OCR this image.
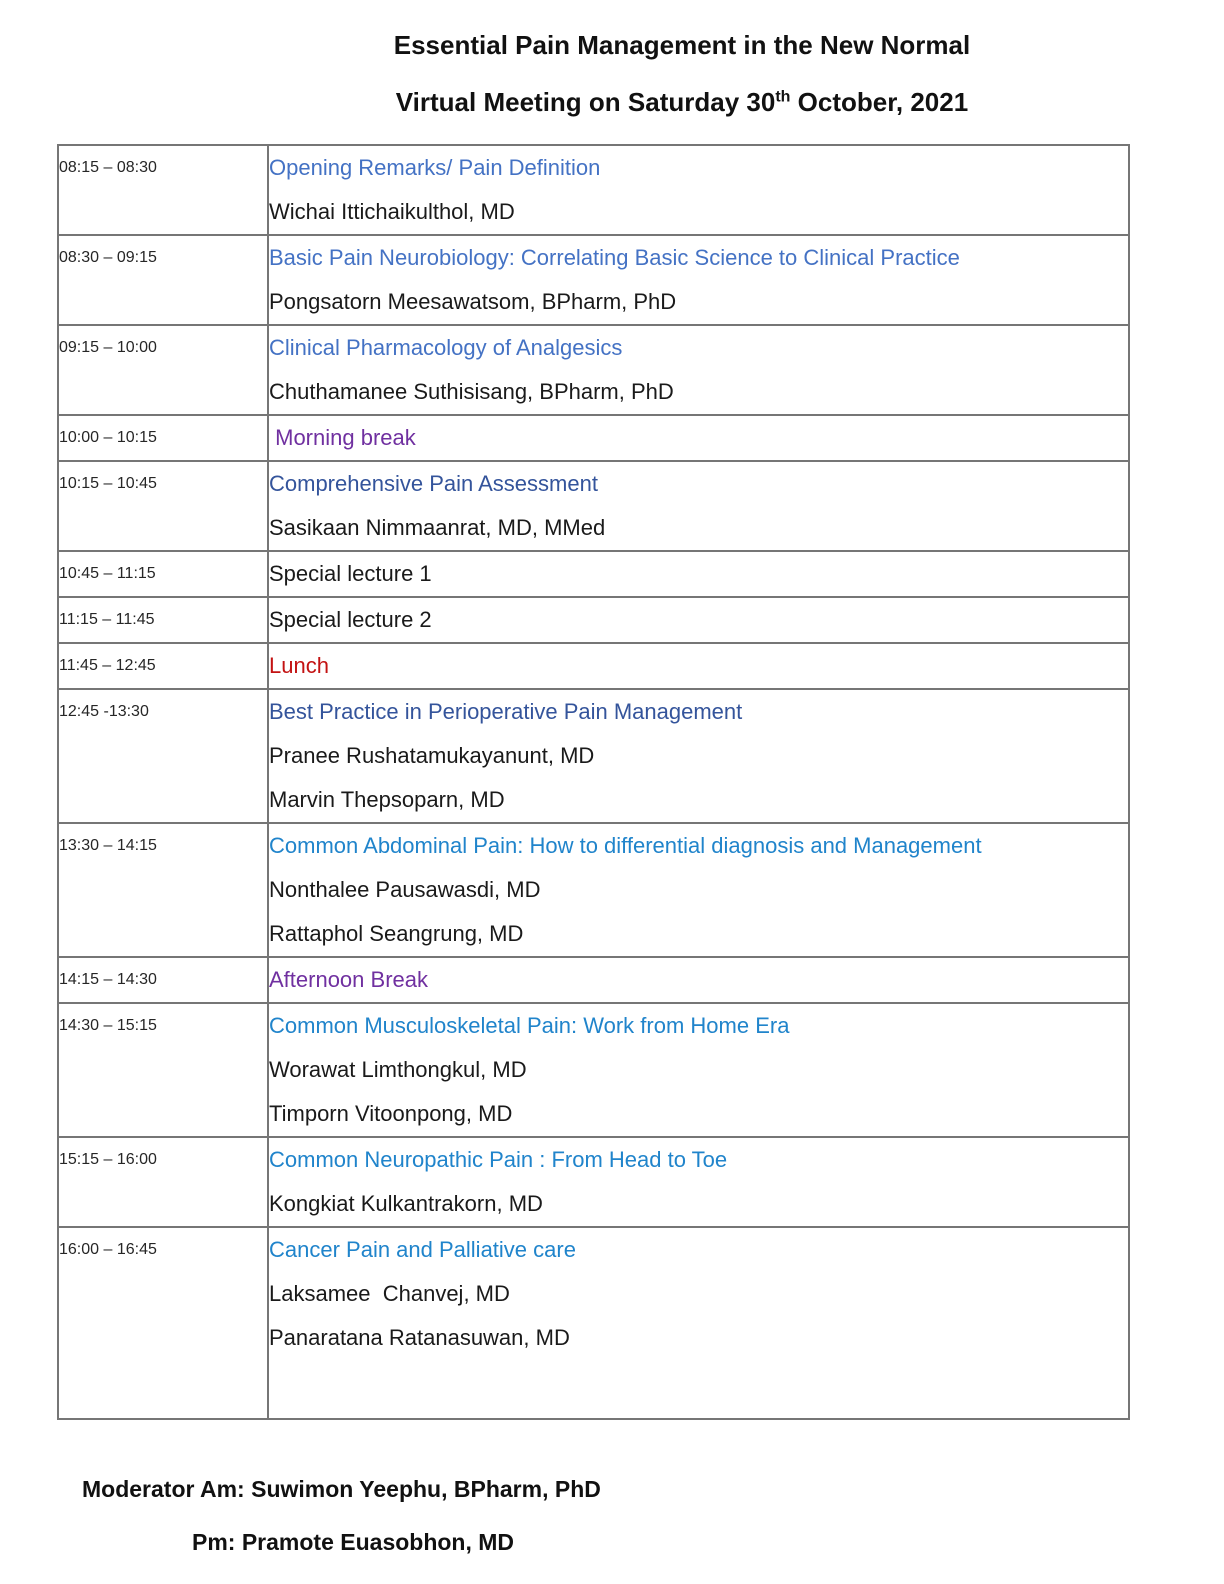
Essential Pain Management in the New Normal

Virtual Meeting on Saturday 30th October, 2021

08:15 – 08:30	Opening Remarks/ Pain Definition
Wichai Ittichaikulthol, MD

08:30 – 09:15	Basic Pain Neurobiology: Correlating Basic Science to Clinical Practice
Pongsatorn Meesawatsom, BPharm, PhD

09:15 – 10:00	Clinical Pharmacology of Analgesics
Chuthamanee Suthisisang, BPharm, PhD

10:00 – 10:15	Morning break

10:15 – 10:45	Comprehensive Pain Assessment
Sasikaan Nimmaanrat, MD, MMed

10:45 – 11:15	Special lecture 1

11:15 – 11:45	Special lecture 2

11:45 – 12:45	Lunch

12:45 -13:30	Best Practice in Perioperative Pain Management
Pranee Rushatamukayanunt, MD
Marvin Thepsoparn, MD

13:30 – 14:15	Common Abdominal Pain: How to differential diagnosis and Management
Nonthalee Pausawasdi, MD
Rattaphol Seangrung, MD

14:15 – 14:30	Afternoon Break

14:30 – 15:15	Common Musculoskeletal Pain: Work from Home Era
Worawat Limthongkul, MD
Timporn Vitoonpong, MD

15:15 – 16:00	Common Neuropathic Pain : From Head to Toe
Kongkiat Kulkantrakorn, MD

16:00 – 16:45	Cancer Pain and Palliative care
Laksamee  Chanvej, MD
Panaratana Ratanasuwan, MD

Moderator Am: Suwimon Yeephu, BPharm, PhD

Pm: Pramote Euasobhon, MD
